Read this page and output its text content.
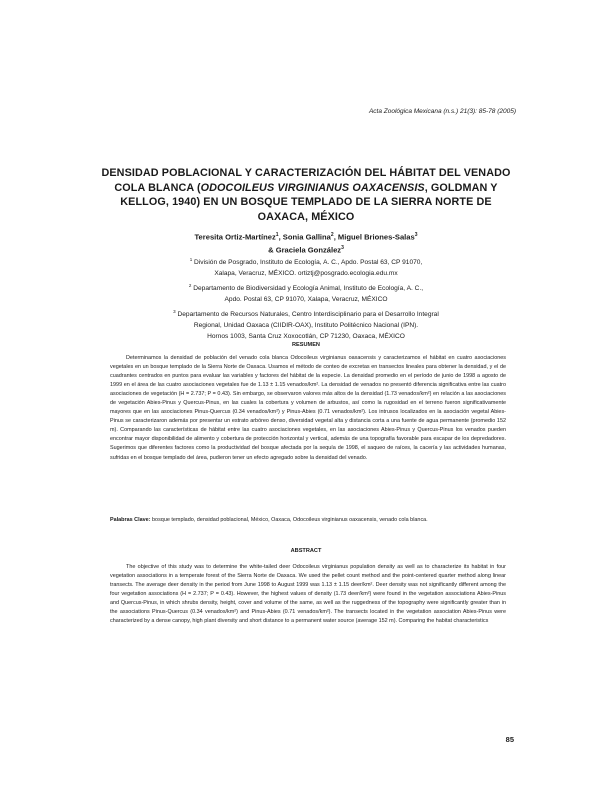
Acta Zoológica Mexicana (n.s.) 21(3): 85-78 (2005)
DENSIDAD POBLACIONAL Y CARACTERIZACIÓN DEL HÁBITAT DEL VENADO COLA BLANCA (ODOCOILEUS VIRGINIANUS OAXACENSIS, GOLDMAN Y KELLOG, 1940) EN UN BOSQUE TEMPLADO DE LA SIERRA NORTE DE OAXACA, MÉXICO
Teresita Ortiz-Martínez$^1$, Sonia Gallina$^2$, Miguel Briones-Salas$^3$
& Graciela González$^3$
$^1$ División de Posgrado, Instituto de Ecología, A. C., Apdo. Postal 63, CP 91070,
Xalapa, Veracruz, MÉXICO. ortiztj@posgrado.ecologia.edu.mx
$^2$ Departamento de Biodiversidad y Ecología Animal, Instituto de Ecología, A. C.,
Apdo. Postal 63, CP 91070, Xalapa, Veracruz, MÉXICO
$^3$ Departamento de Recursos Naturales, Centro Interdisciplinario para el Desarrollo Integral
Regional, Unidad Oaxaca (CIIDIR-OAX), Instituto Politécnico Nacional (IPN).
Hornos 1003, Santa Cruz Xoxocotlán, CP 71230, Oaxaca, MÉXICO
RESUMEN
Determinamos la densidad de población del venado cola blanca Odocoileus virginianus oaxacensis y caracterizamos el hábitat en cuatro asociaciones vegetales en un bosque templado de la Sierra Norte de Oaxaca. Usamos el método de conteo de excretas en transectos lineales para obtener la densidad, y el de cuadrantes centrados en puntos para evaluar las variables y factores del hábitat de la especie. La densidad promedio en el período de junio de 1998 a agosto de 1999 en el área de las cuatro asociaciones vegetales fue de 1.13 ± 1.15 venados/km². La densidad de venados no presentó diferencia significativa entre las cuatro asociaciones de vegetación (H = 2.737; P = 0.43). Sin embargo, se observaron valores más altos de la densidad (1.73 venados/km²) en relación a las asociaciones de vegetación Abies-Pinus y Quercus-Pinus, en las cuales la cobertura y volumen de arbustos, así como la rugosidad en el terreno fueron significativamente mayores que en las asociaciones Pinus-Quercus (0.34 venados/km²) y Pinus-Abies (0.71 venados/km²). Los intrusos localizados en la asociación vegetal Abies-Pinus se caracterizaron además por presentar un estrato arbóreo denso, diversidad vegetal alta y distancia corta a una fuente de agua permanente (promedio 152 m). Comparando las características de hábitat entre las cuatro asociaciones vegetales, en las asociaciones Abies-Pinus y Quercus-Pinus los venados pueden encontrar mayor disponibilidad de alimento y cobertura de protección horizontal y vertical, además de una topografía favorable para escapar de los depredadores. Sugerimos que diferentes factores como la productividad del bosque afectada por la sequía de 1998, el saqueo de raíces, la cacería y las actividades humanas, sufridas en el bosque templado del área, pudieron tener un efecto agregado sobre la densidad del venado.
Palabras Clave: bosque templado, densidad poblacional, México, Oaxaca, Odocoileus virginianus oaxacensis, venado cola blanca.
ABSTRACT
The objective of this study was to determine the white-tailed deer Odocoileus virginianus population density as well as to characterize its habitat in four vegetation associations in a temperate forest of the Sierra Norte de Oaxaca. We used the pellet count method and the point-centered quarter method along linear transects. The average deer density in the period from June 1998 to August 1999 was 1.13 ± 1.15 deer/km². Deer density was not significantly different among the four vegetation associations (H = 2.737; P = 0.43). However, the highest values of density (1.73 deer/km²) were found in the vegetation associations Abies-Pinus and Quercus-Pinus, in which shrubs density, height, cover and volume of the same, as well as the ruggedness of the topography were significantly greater than in the associations Pinus-Quercus (0.34 venados/km²) and Pinus-Abies (0.71 venados/km²). The transects located in the vegetation association Abies-Pinus were characterized by a dense canopy, high plant diversity and short distance to a permanent water source (average 152 m). Comparing the habitat characteristics
85
